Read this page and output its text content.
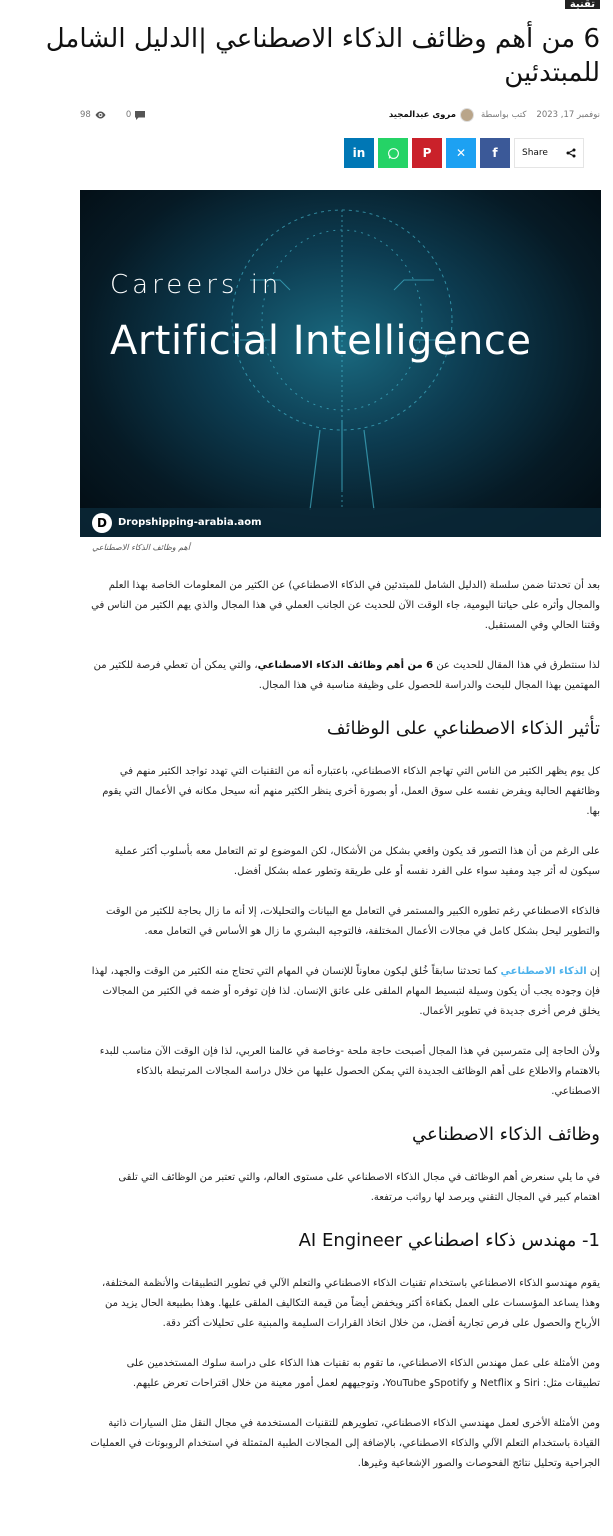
تقنية
6 من أهم وظائف الذكاء الاصطناعي |الدليل الشامل للمبتدئين
نوفمبر 17, 2023
كتب بواسطة
مروى عبدالمجيد
98	0
in	P ✕ f	Share
Careers in
Artificial Intelligence
D	Dropshipping-arabia.aom
أهم وظائف الذكاء الاصطناعي

بعد أن تحدثنا ضمن سلسلة (الدليل الشامل للمبتدئين في الذكاء الاصطناعي) عن الكثير من المعلومات الخاصة بهذا العلم والمجال وأثره على حياتنا اليومية، جاء الوقت الآن للحديث عن الجانب العملي في هذا المجال والذي يهم الكثير من الناس في وقتنا الحالي وفي المستقبل.

لذا سنتطرق في هذا المقال للحديث عن 6 من أهم وظائف الذكاء الاصطناعي، والتي يمكن أن تعطي فرصة للكثير من المهتمين بهذا المجال للبحث والدراسة للحصول على وظيفة مناسبة في هذا المجال.

تأثير الذكاء الاصطناعي على الوظائف

كل يوم يظهر الكثير من الناس التي تهاجم الذكاء الاصطناعي، باعتباره أنه من التقنيات التي تهدد تواجد الكثير منهم في وظائفهم الحالية ويفرض نفسه على سوق العمل، أو بصورة أخرى ينظر الكثير منهم أنه سيحل مكانه في الأعمال التي يقوم بها.

على الرغم من أن هذا التصور قد يكون واقعي بشكل من الأشكال، لكن الموضوع لو تم التعامل معه بأسلوب أكثر عملية سيكون له أثر جيد ومفيد سواء على الفرد نفسه أو على طريقة وتطور عمله بشكل أفضل.

فالذكاء الاصطناعي رغم تطوره الكبير والمستمر في التعامل مع البيانات والتحليلات، إلا أنه ما زال بحاجة للكثير من الوقت والتطوير ليحل بشكل كامل في مجالات الأعمال المختلفة، فالتوجيه البشري ما زال هو الأساس في التعامل معه.

إن الذكاء الاصطناعي كما تحدثنا سابقاً خُلق ليكون معاوناً للإنسان في المهام التي تحتاج منه الكثير من الوقت والجهد، لهذا فإن وجوده يجب أن يكون وسيلة لتبسيط المهام الملقى على عاتق الإنسان. لذا فإن توفره أو ضمه في الكثير من المجالات يخلق فرص أخرى جديدة في تطوير الأعمال.

ولأن الحاجة إلى متمرسين في هذا المجال أصبحت حاجة ملحة -وخاصة في عالمنا العربي، لذا فإن الوقت الآن مناسب للبدء بالاهتمام والاطلاع على أهم الوظائف الجديدة التي يمكن الحصول عليها من خلال دراسة المجالات المرتبطة بالذكاء الاصطناعي.

وظائف الذكاء الاصطناعي

في ما يلي سنعرض أهم الوظائف في مجال الذكاء الاصطناعي على مستوى العالم، والتي تعتبر من الوظائف التي تلقى اهتمام كبير في المجال التقني ويرصد لها رواتب مرتفعة.

1- مهندس ذكاء اصطناعي AI Engineer

يقوم مهندسو الذكاء الاصطناعي باستخدام تقنيات الذكاء الاصطناعي والتعلم الآلي في تطوير التطبيقات والأنظمة المختلفة، وهذا يساعد المؤسسات على العمل بكفاءة أكثر ويخفض أيضاً من قيمة التكاليف الملقى عليها. وهذا بطبيعة الحال يزيد من الأرباح والحصول على فرص تجارية أفضل، من خلال اتخاذ القرارات السليمة والمبنية على تحليلات أكثر دقة.

ومن الأمثلة على عمل مهندس الذكاء الاصطناعي، ما تقوم به تقنيات هذا الذكاء على دراسة سلوك المستخدمين على تطبيقات مثل: Siri و Netflix و Spotifyو YouTube، وتوجيههم لعمل أمور معينة من خلال اقتراحات تعرض عليهم.

ومن الأمثلة الأخرى لعمل مهندسي الذكاء الاصطناعي، تطويرهم للتقنيات المستخدمة في مجال النقل مثل السيارات ذاتية القيادة باستخدام التعلم الآلي والذكاء الاصطناعي، بالإضافة إلى المجالات الطبية المتمثلة في استخدام الروبوتات في العمليات الجراحية وتحليل نتائج الفحوصات والصور الإشعاعية وغيرها.
